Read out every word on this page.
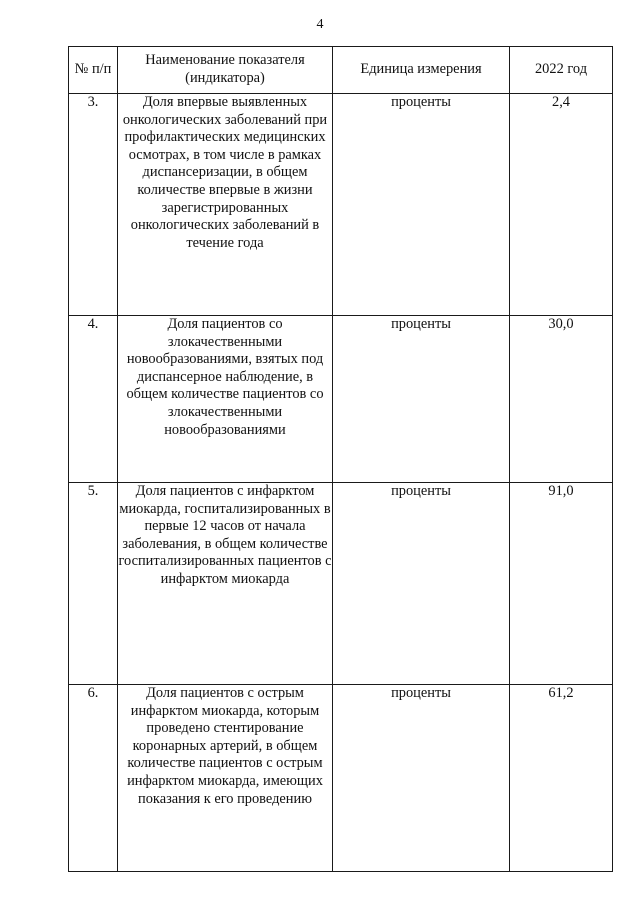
4
№ п/п	Наименование показателя (индикатора)	Единица измерения	2022 год
3.	Доля впервые выявленных онкологических заболеваний при профилактических медицинских осмотрах, в том числе в рамках диспансеризации, в общем количестве впервые в жизни зарегистрированных онкологических заболеваний в течение года	проценты	2,4
4.	Доля пациентов со злокачественными новообразованиями, взятых под диспансерное наблюдение, в общем количестве пациентов со злокачественными новообразованиями	проценты	30,0
5.	Доля пациентов с инфарктом миокарда, госпитализированных в первые 12 часов от начала заболевания, в общем количестве госпитализированных пациентов с инфарктом миокарда	проценты	91,0
6.	Доля пациентов с острым инфарктом миокарда, которым проведено стентирование коронарных артерий, в общем количестве пациентов с острым инфарктом миокарда, имеющих показания к его проведению	проценты	61,2
